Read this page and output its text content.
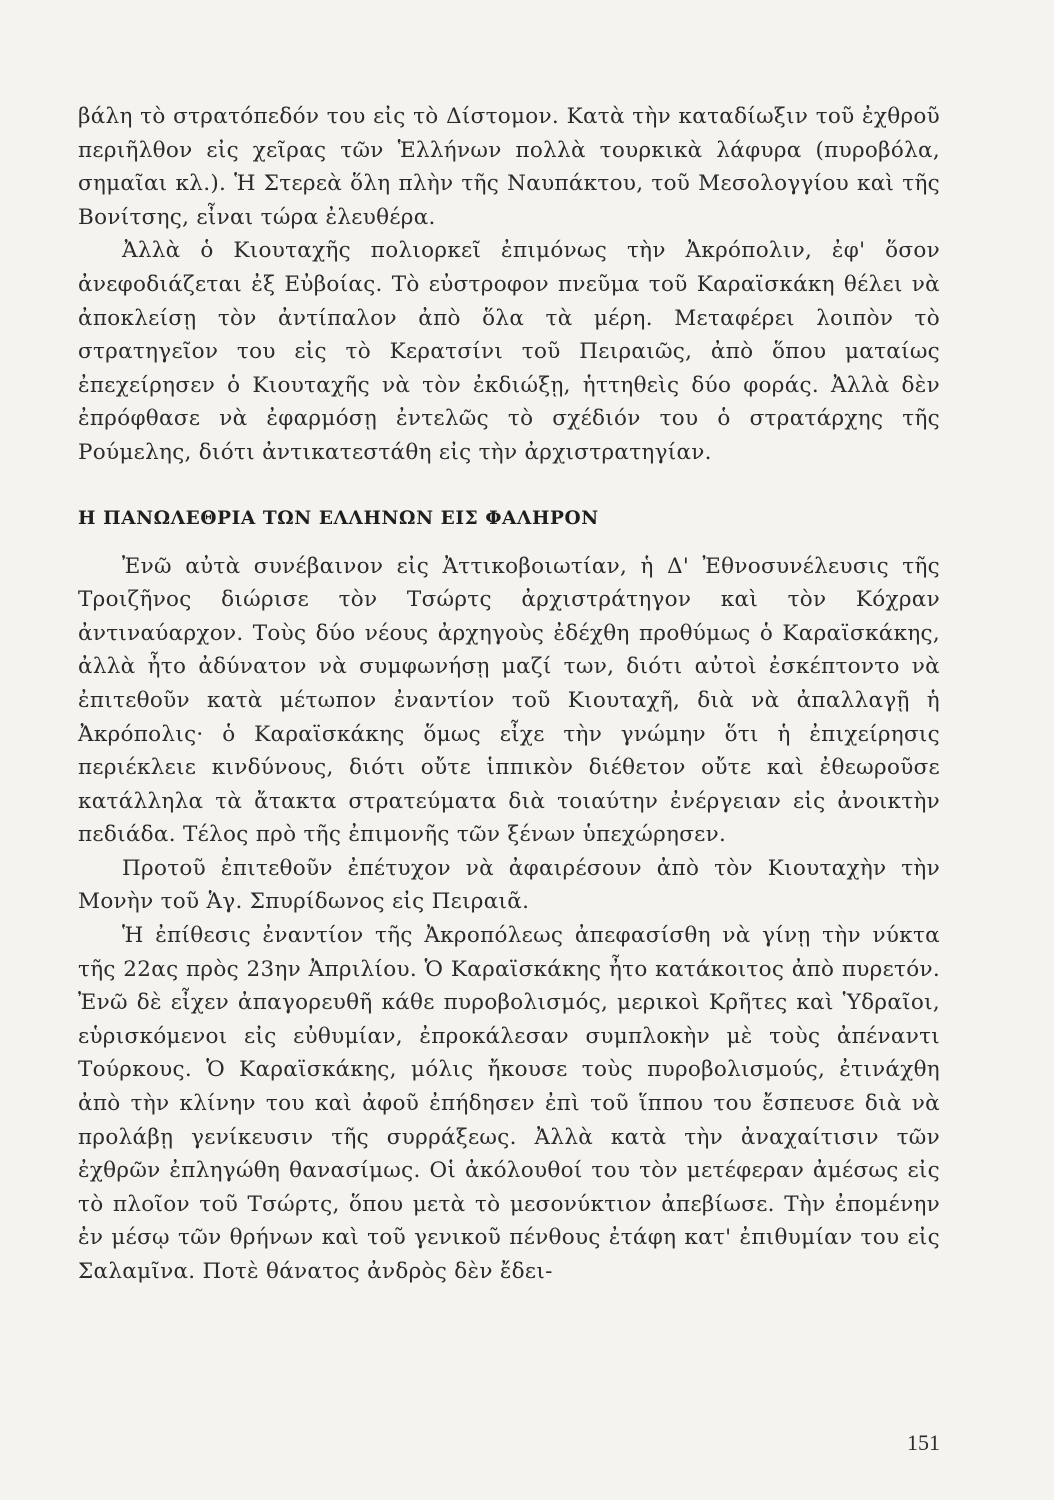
βάλη τὸ στρατόπεδόν του εἰς τὸ Δίστομον. Κατὰ τὴν καταδίωξιν τοῦ ἐχθροῦ περιῆλθον εἰς χεῖρας τῶν Ἑλλήνων πολλὰ τουρκικὰ λάφυρα (πυροβόλα, σημαῖαι κλ.). Ἡ Στερεὰ ὅλη πλὴν τῆς Ναυπάκτου, τοῦ Μεσολογγίου καὶ τῆς Βονίτσης, εἶναι τώρα ἐλευθέρα.

Ἀλλὰ ὁ Κιουταχῆς πολιορκεῖ ἐπιμόνως τὴν Ἀκρόπολιν, ἐφ' ὅσον ἀνεφοδιάζεται ἐξ Εὐβοίας. Τὸ εὐστροφον πνεῦμα τοῦ Καραϊσκάκη θέλει νὰ ἀποκλείσῃ τὸν ἀντίπαλον ἀπὸ ὅλα τὰ μέρη. Μεταφέρει λοιπὸν τὸ στρατηγεῖον του εἰς τὸ Κερατσίνι τοῦ Πειραιῶς, ἀπὸ ὅπου ματαίως ἐπεχείρησεν ὁ Κιουταχῆς νὰ τὸν ἐκδιώξῃ, ἡττηθεὶς δύο φοράς. Ἀλλὰ δὲν ἐπρόφθασε νὰ ἐφαρμόσῃ ἐντελῶς τὸ σχέδιόν του ὁ στρατάρχης τῆς Ρούμελης, διότι ἀντικατεστάθη εἰς τὴν ἀρχιστρατηγίαν.

Η ΠΑΝΩΛΕΘΡΙΑ ΤΩΝ ΕΛΛΗΝΩΝ ΕΙΣ ΦΑΛΗΡΟΝ

Ἐνῶ αὐτὰ συνέβαινον εἰς Ἀττικοβοιωτίαν, ἡ Δ' Ἐθνοσυνέλευσις τῆς Τροιζῆνος διώρισε τὸν Τσώρτς ἀρχιστράτηγον καὶ τὸν Κόχραν ἀντιναύαρχον. Τοὺς δύο νέους ἀρχηγοὺς ἐδέχθη προθύμως ὁ Καραϊσκάκης, ἀλλὰ ἦτο ἀδύνατον νὰ συμφωνήσῃ μαζί των, διότι αὐτοὶ ἐσκέπτοντο νὰ ἐπιτεθοῦν κατὰ μέτωπον ἐναντίον τοῦ Κιουταχῆ, διὰ νὰ ἀπαλλαγῇ ἡ Ἀκρόπολις· ὁ Καραϊσκάκης ὅμως εἶχε τὴν γνώμην ὅτι ἡ ἐπιχείρησις περιέκλειε κινδύνους, διότι οὔτε ἱππικὸν διέθετον οὔτε καὶ ἐθεωροῦσε κατάλληλα τὰ ἄτακτα στρατεύματα διὰ τοιαύτην ἐνέργειαν εἰς ἀνοικτὴν πεδιάδα. Τέλος πρὸ τῆς ἐπιμονῆς τῶν ξένων ὑπεχώρησεν.

Προτοῦ ἐπιτεθοῦν ἐπέτυχον νὰ ἀφαιρέσουν ἀπὸ τὸν Κιουταχὴν τὴν Μονὴν τοῦ Ἁγ. Σπυρίδωνος εἰς Πειραιᾶ.

Ἡ ἐπίθεσις ἐναντίον τῆς Ἀκροπόλεως ἀπεφασίσθη νὰ γίνῃ τὴν νύκτα τῆς 22ας πρὸς 23ην Ἀπριλίου. Ὁ Καραϊσκάκης ἦτο κατάκοιτος ἀπὸ πυρετόν. Ἐνῶ δὲ εἶχεν ἀπαγορευθῆ κάθε πυροβολισμός, μερικοὶ Κρῆτες καὶ Ὑδραῖοι, εὑρισκόμενοι εἰς εὐθυμίαν, ἐπροκάλεσαν συμπλοκὴν μὲ τοὺς ἀπέναντι Τούρκους. Ὁ Καραϊσκάκης, μόλις ἤκουσε τοὺς πυροβολισμούς, ἐτινάχθη ἀπὸ τὴν κλίνην του καὶ ἀφοῦ ἐπήδησεν ἐπὶ τοῦ ἵππου του ἔσπευσε διὰ νὰ προλάβῃ γενίκευσιν τῆς συρράξεως. Ἀλλὰ κατὰ τὴν ἀναχαίτισιν τῶν ἐχθρῶν ἐπληγώθη θανασίμως. Οἱ ἀκόλουθοί του τὸν μετέφεραν ἀμέσως εἰς τὸ πλοῖον τοῦ Τσώρτς, ὅπου μετὰ τὸ μεσονύκτιον ἀπεβίωσε. Τὴν ἐπομένην ἐν μέσῳ τῶν θρήνων καὶ τοῦ γενικοῦ πένθους ἐτάφη κατ' ἐπιθυμίαν του εἰς Σαλαμῖνα. Ποτὲ θάνατος ἀνδρὸς δὲν ἔδει-

151
